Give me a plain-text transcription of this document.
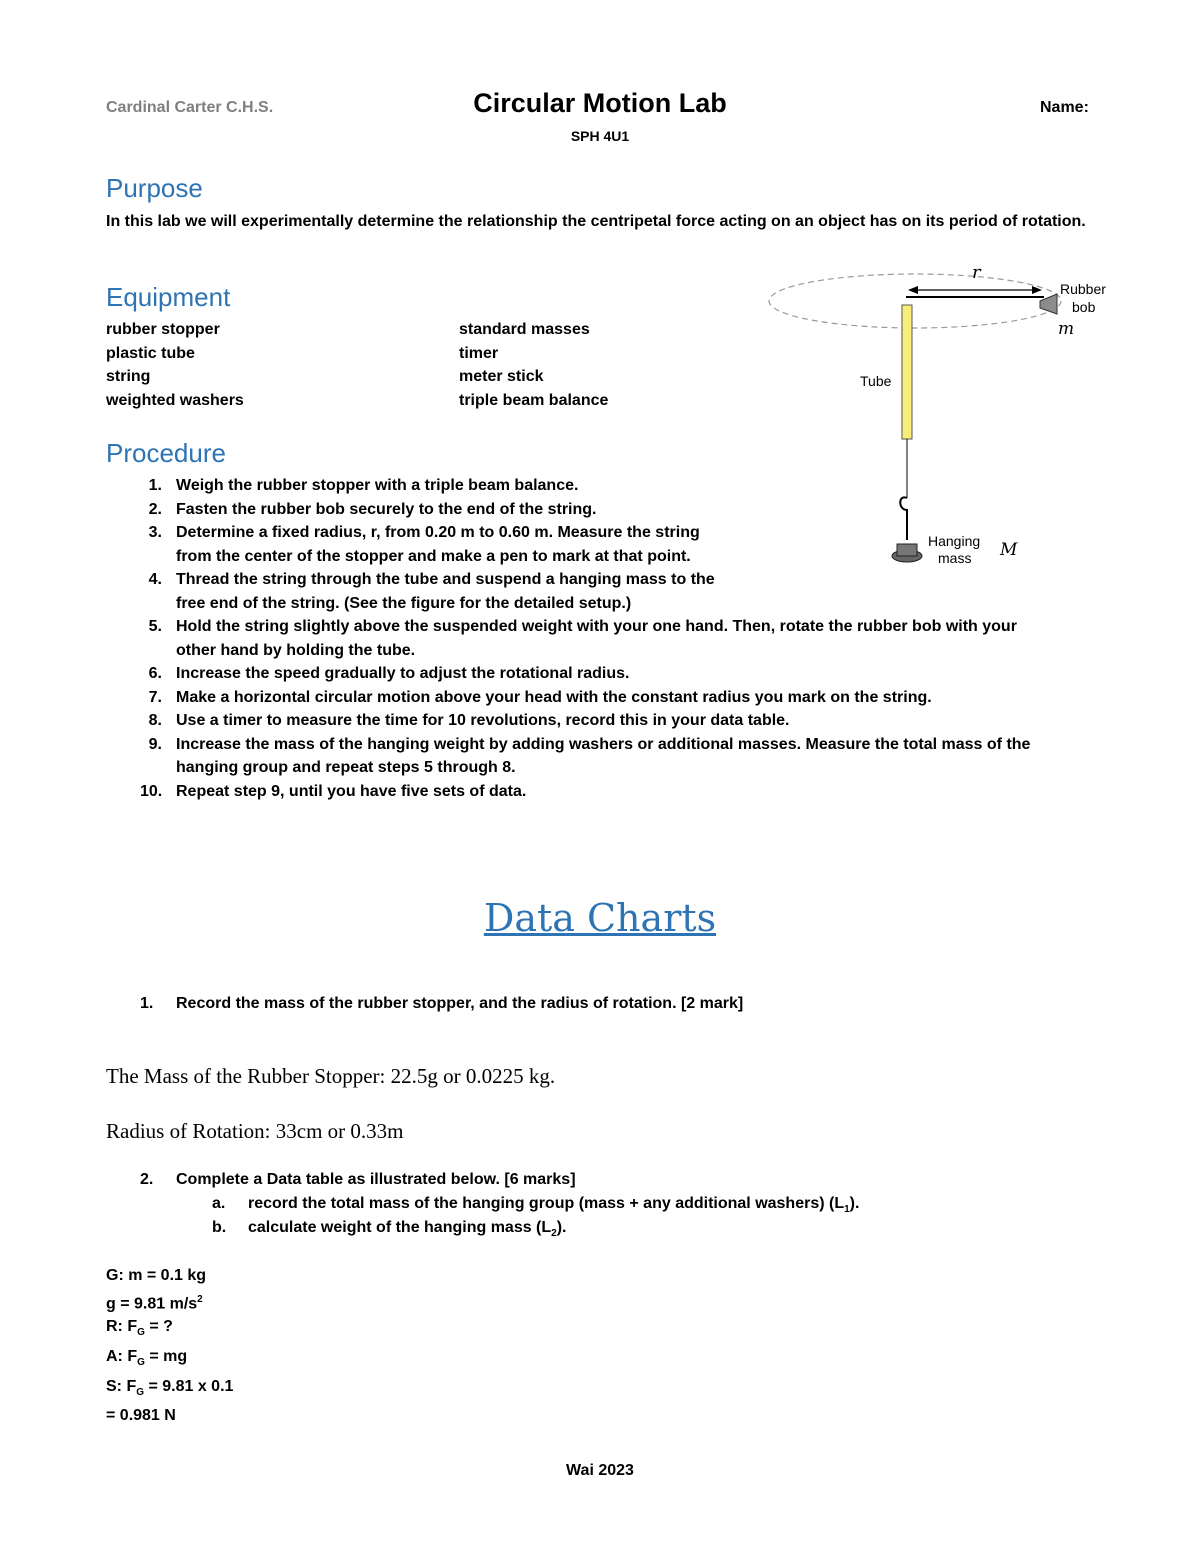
Cardinal Carter C.H.S.	Circular Motion Lab	Name:
SPH 4U1
Purpose
In this lab we will experimentally determine the relationship the centripetal force acting on an object has on its period of rotation.
Equipment
rubber stopper
plastic tube
string
weighted washers
standard masses
timer
meter stick
triple beam balance
r
Rubber
bob
m
Tube
Hanging
mass M
Procedure
1. Weigh the rubber stopper with a triple beam balance.
2. Fasten the rubber bob securely to the end of the string.
3. Determine a fixed radius, r, from 0.20 m to 0.60 m. Measure the string
from the center of the stopper and make a pen to mark at that point.
4. Thread the string through the tube and suspend a hanging mass to the
free end of the string. (See the figure for the detailed setup.)
5. Hold the string slightly above the suspended weight with your one hand. Then, rotate the rubber bob with your
other hand by holding the tube.
6. Increase the speed gradually to adjust the rotational radius.
7. Make a horizontal circular motion above your head with the constant radius you mark on the string.
8. Use a timer to measure the time for 10 revolutions, record this in your data table.
9. Increase the mass of the hanging weight by adding washers or additional masses. Measure the total mass of the
hanging group and repeat steps 5 through 8.
10. Repeat step 9, until you have five sets of data.
Data Charts
1. Record the mass of the rubber stopper, and the radius of rotation. [2 mark]
The Mass of the Rubber Stopper: 22.5g or 0.0225 kg.
Radius of Rotation: 33cm or 0.33m
2. Complete a Data table as illustrated below. [6 marks]
a. record the total mass of the hanging group (mass + any additional washers) $(L_1)$.
b. calculate weight of the hanging mass $(L_2)$.
G: m = 0.1 kg
g = 9.81 $m/s^2$
R: $F_G$ = ?
A: $F_G$ = mg
S: $F_G = 9.81$ x 0.1
= 0.981 N
Wai 2023
